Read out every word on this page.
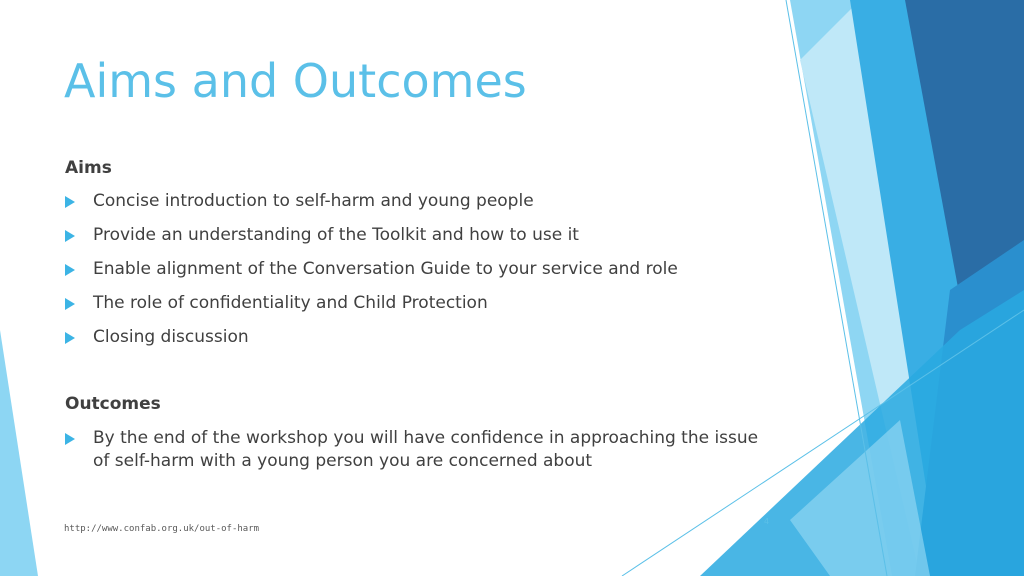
Aims and Outcomes
Aims
Concise introduction to self-harm and young people
Provide an understanding of the Toolkit and how to use it
Enable alignment of the Conversation Guide to your service and role
The role of confidentiality and Child Protection
Closing discussion
Outcomes
By the end of the workshop you will have confidence in approaching the issue of self-harm with a young person you are concerned about
http://www.confab.org.uk/out-of-harm
4
